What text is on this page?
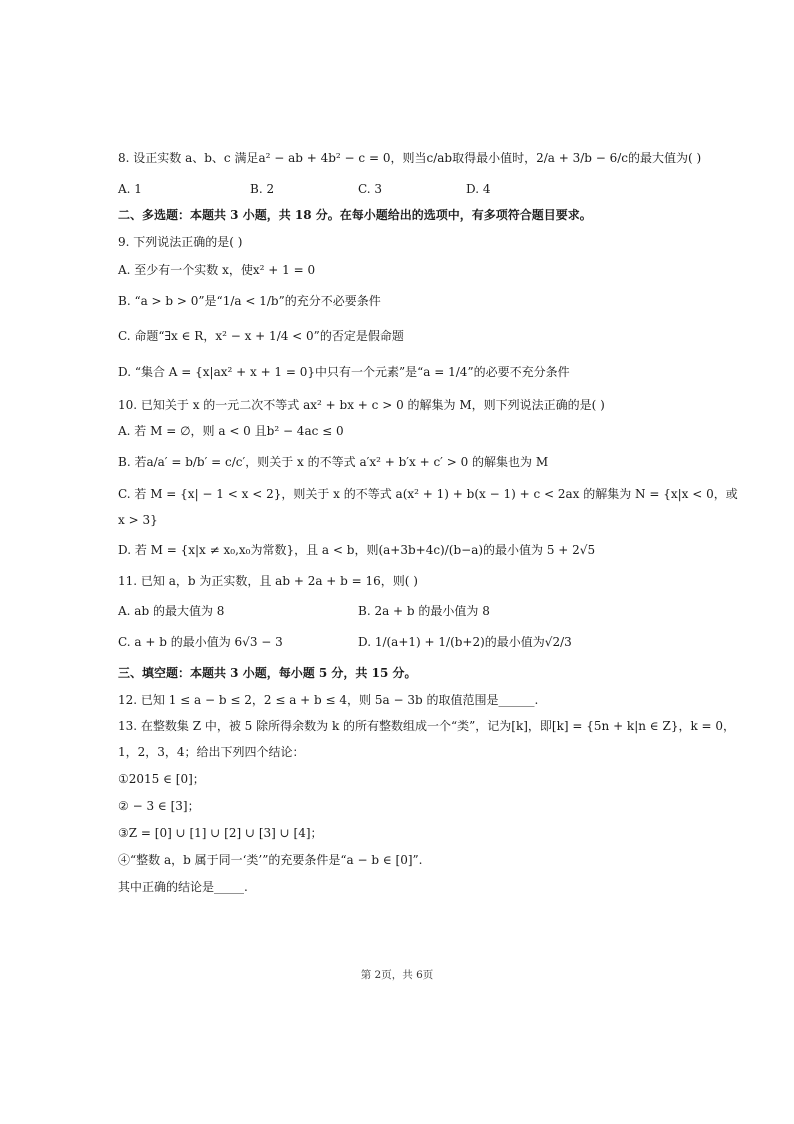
8. 设正实数 a、b、c 满足a² − ab + 4b² − c = 0，则当c/ab取得最小值时，2/a + 3/b − 6/c的最大值为( )
A. 1	B. 2	C. 3	D. 4
二、多选题：本题共 3 小题，共 18 分。在每小题给出的选项中，有多项符合题目要求。
9. 下列说法正确的是( )
A. 至少有一个实数 x，使x² + 1 = 0
B. “a > b > 0”是“1/a < 1/b”的充分不必要条件
C. 命题“∃x ∈ R，x² − x + 1/4 < 0”的否定是假命题
D. “集合 A = {x|ax² + x + 1 = 0}中只有一个元素”是“a = 1/4”的必要不充分条件
10. 已知关于 x 的一元二次不等式 ax² + bx + c > 0 的解集为 M，则下列说法正确的是( )
A. 若 M = ∅，则 a < 0 且b² − 4ac ≤ 0
B. 若a/a′ = b/b′ = c/c′，则关于 x 的不等式 a′x² + b′x + c′ > 0 的解集也为 M
C. 若 M = {x| − 1 < x < 2}，则关于 x 的不等式 a(x² + 1) + b(x − 1) + c < 2ax 的解集为 N = {x|x < 0，或
x > 3}
D. 若 M = {x|x ≠ x₀,x₀为常数}，且 a < b，则(a+3b+4c)/(b−a)的最小值为 5 + 2√5
11. 已知 a，b 为正实数，且 ab + 2a + b = 16，则( )
A. ab 的最大值为 8	B. 2a + b 的最小值为 8
C. a + b 的最小值为 6√3 − 3	D. 1/(a+1) + 1/(b+2)的最小值为√2/3
三、填空题：本题共 3 小题，每小题 5 分，共 15 分。
12. 已知 1 ≤ a − b ≤ 2，2 ≤ a + b ≤ 4，则 5a − 3b 的取值范围是______.
13. 在整数集 Z 中，被 5 除所得余数为 k 的所有整数组成一个“类”，记为[k]，即[k] = {5n + k|n ∈ Z}，k = 0，
1，2，3，4；给出下列四个结论：
①2015 ∈ [0]；
② − 3 ∈ [3]；
③Z = [0] ∪ [1] ∪ [2] ∪ [3] ∪ [4]；
④“整数 a，b 属于同一‘类’”的充要条件是“a − b ∈ [0]”.
其中正确的结论是_____.
第 2页，共 6页
